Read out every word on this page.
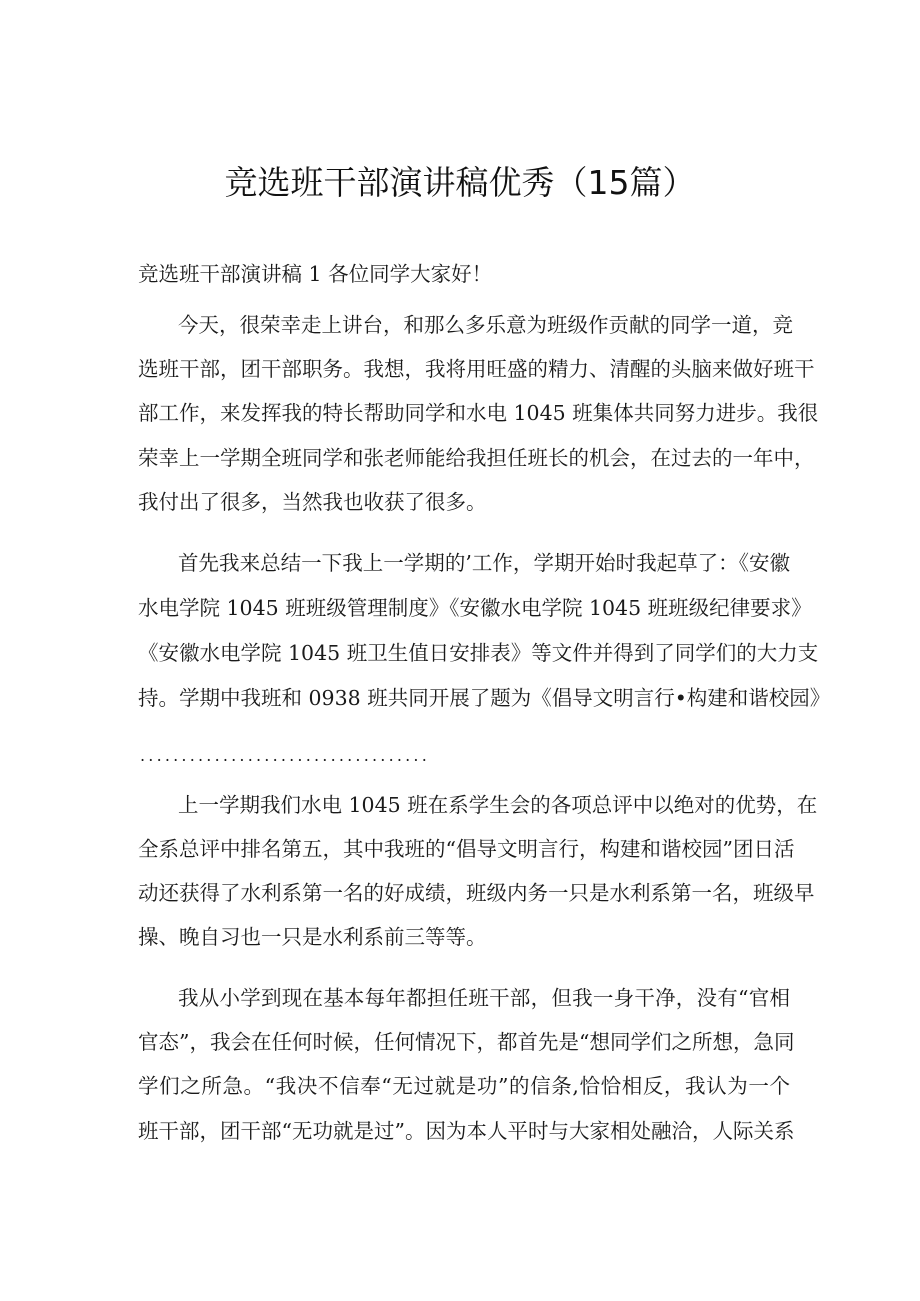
竞选班干部演讲稿优秀（15篇）

竞选班干部演讲稿 1 各位同学大家好！

今天，很荣幸走上讲台，和那么多乐意为班级作贡献的同学一道，竞

选班干部，团干部职务。我想，我将用旺盛的精力、清醒的头脑来做好班干

部工作，来发挥我的特长帮助同学和水电 1045 班集体共同努力进步。我很

荣幸上一学期全班同学和张老师能给我担任班长的机会，在过去的一年中，

我付出了很多，当然我也收获了很多。

首先我来总结一下我上一学期的’工作，学期开始时我起草了：《安徽

水电学院 1045 班班级管理制度》《安徽水电学院 1045 班班级纪律要求》

《安徽水电学院 1045 班卫生值日安排表》等文件并得到了同学们的大力支

持。学期中我班和 0938 班共同开展了题为《倡导文明言行•构建和谐校园》

...................................

上一学期我们水电 1045 班在系学生会的各项总评中以绝对的优势，在

全系总评中排名第五，其中我班的“倡导文明言行，构建和谐校园”团日活

动还获得了水利系第一名的好成绩，班级内务一只是水利系第一名，班级早

操、晚自习也一只是水利系前三等等。

我从小学到现在基本每年都担任班干部，但我一身干净，没有“官相

官态”，我会在任何时候，任何情况下，都首先是“想同学们之所想，急同

学们之所急。“我决不信奉“无过就是功”的信条,恰恰相反，我认为一个

班干部，团干部“无功就是过”。因为本人平时与大家相处融洽，人际关系
